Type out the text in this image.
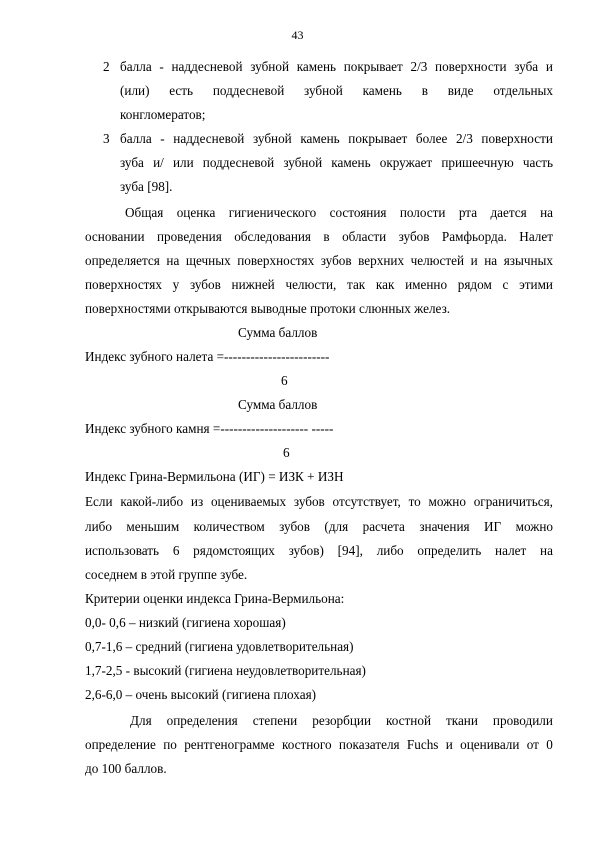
43
2 балла - наддесневой зубной камень покрывает 2/3 поверхности зуба и
(или) есть поддесневой зубной камень в виде отдельных
конгломератов;
3 балла - наддесневой зубной камень покрывает более 2/3 поверхности
зуба и/ или поддесневой зубной камень окружает пришеечную часть
зуба [98].
Общая оценка гигиенического состояния полости рта дается на
основании проведения обследования в области зубов Рамфьорда. Налет
определяется на щечных поверхностях зубов верхних челюстей и на язычных
поверхностях у зубов нижней челюсти, так как именно рядом с этими
поверхностями открываются выводные протоки слюнных желез.
Сумма баллов
Индекс зубного налета =------------------------
6
Сумма баллов
Индекс зубного камня =-------------------- -----
6
Индекс Грина-Вермильона (ИГ) = ИЗК + ИЗН
Если какой-либо из оцениваемых зубов отсутствует, то можно ограничиться,
либо меньшим количеством зубов (для расчета значения ИГ можно
использовать 6 рядомстоящих зубов) [94], либо определить налет на
соседнем в этой группе зубе.
Критерии оценки индекса Грина-Вермильона:
0,0- 0,6 – низкий (гигиена хорошая)
0,7-1,6 – средний (гигиена удовлетворительная)
1,7-2,5 - высокий (гигиена неудовлетворительная)
2,6-6,0 – очень высокий (гигиена плохая)
Для определения степени резорбции костной ткани проводили
определение по рентгенограмме костного показателя Fuchs и оценивали от 0
до 100 баллов.
